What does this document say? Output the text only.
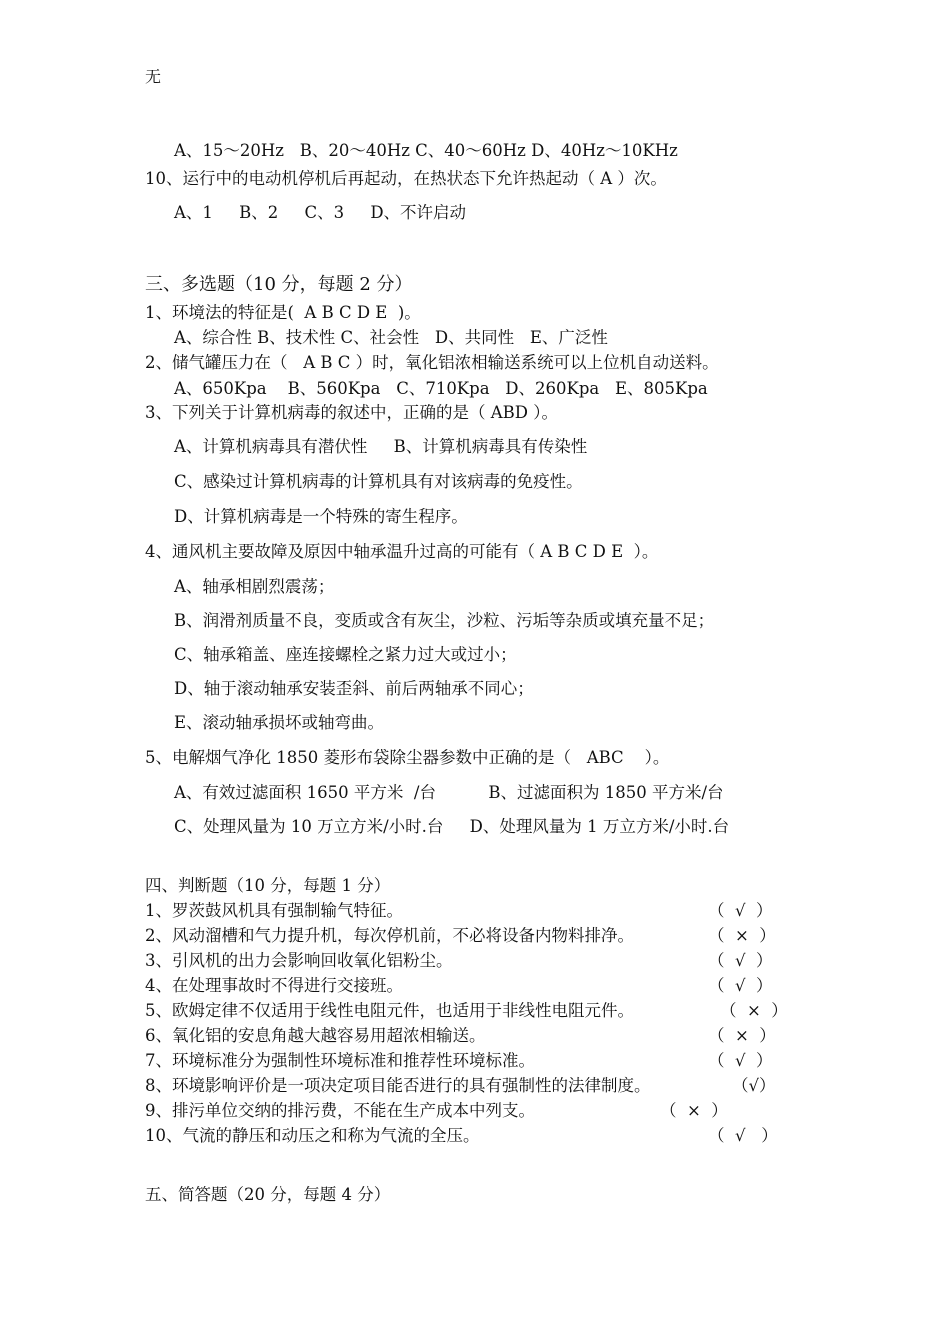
无
A、15～20Hz   B、20～40Hz C、40～60Hz D、40Hz～10KHz
10、运行中的电动机停机后再起动，在热状态下允许热起动（ A ）次。
A、1     B、2     C、3     D、不许启动
三、多选题（10 分，每题 2 分）
1、环境法的特征是(  A B C D E  )。
A、综合性 B、技术性 C、社会性   D、共同性   E、广泛性
2、储气罐压力在（   A B C ）时，氧化铝浓相输送系统可以上位机自动送料。
A、650Kpa    B、560Kpa   C、710Kpa   D、260Kpa   E、805Kpa
3、下列关于计算机病毒的叙述中，正确的是（ ABD ）。
A、计算机病毒具有潜伏性     B、计算机病毒具有传染性
C、感染过计算机病毒的计算机具有对该病毒的免疫性。
D、计算机病毒是一个特殊的寄生程序。
4、通风机主要故障及原因中轴承温升过高的可能有（ A B C D E  ）。
A、轴承相剧烈震荡；
B、润滑剂质量不良，变质或含有灰尘，沙粒、污垢等杂质或填充量不足；
C、轴承箱盖、座连接螺栓之紧力过大或过小；
D、轴于滚动轴承安装歪斜、前后两轴承不同心；
E、滚动轴承损坏或轴弯曲。
5、电解烟气净化 1850 菱形布袋除尘器参数中正确的是（   ABC    ）。
A、有效过滤面积 1650 平方米  /台          B、过滤面积为 1850 平方米/台
C、处理风量为 10 万立方米/小时.台     D、处理风量为 1 万立方米/小时.台
四、判断题（10 分，每题 1 分）
1、罗茨鼓风机具有强制输气特征。	（  √  ）
2、风动溜槽和气力提升机，每次停机前，不必将设备内物料排净。	（  ×  ）
3、引风机的出力会影响回收氧化铝粉尘。	（  √  ）
4、在处理事故时不得进行交接班。	（  √  ）
5、欧姆定律不仅适用于线性电阻元件，也适用于非线性电阻元件。	（  ×  ）
6、氧化铝的安息角越大越容易用超浓相输送。	（  ×  ）
7、环境标准分为强制性环境标准和推荐性环境标准。	（  √  ）
8、环境影响评价是一项决定项目能否进行的具有强制性的法律制度。	（√）
9、排污单位交纳的排污费，不能在生产成本中列支。	（  ×  ）
10、气流的静压和动压之和称为气流的全压。	（  √   ）
五、简答题（20 分，每题 4 分）
